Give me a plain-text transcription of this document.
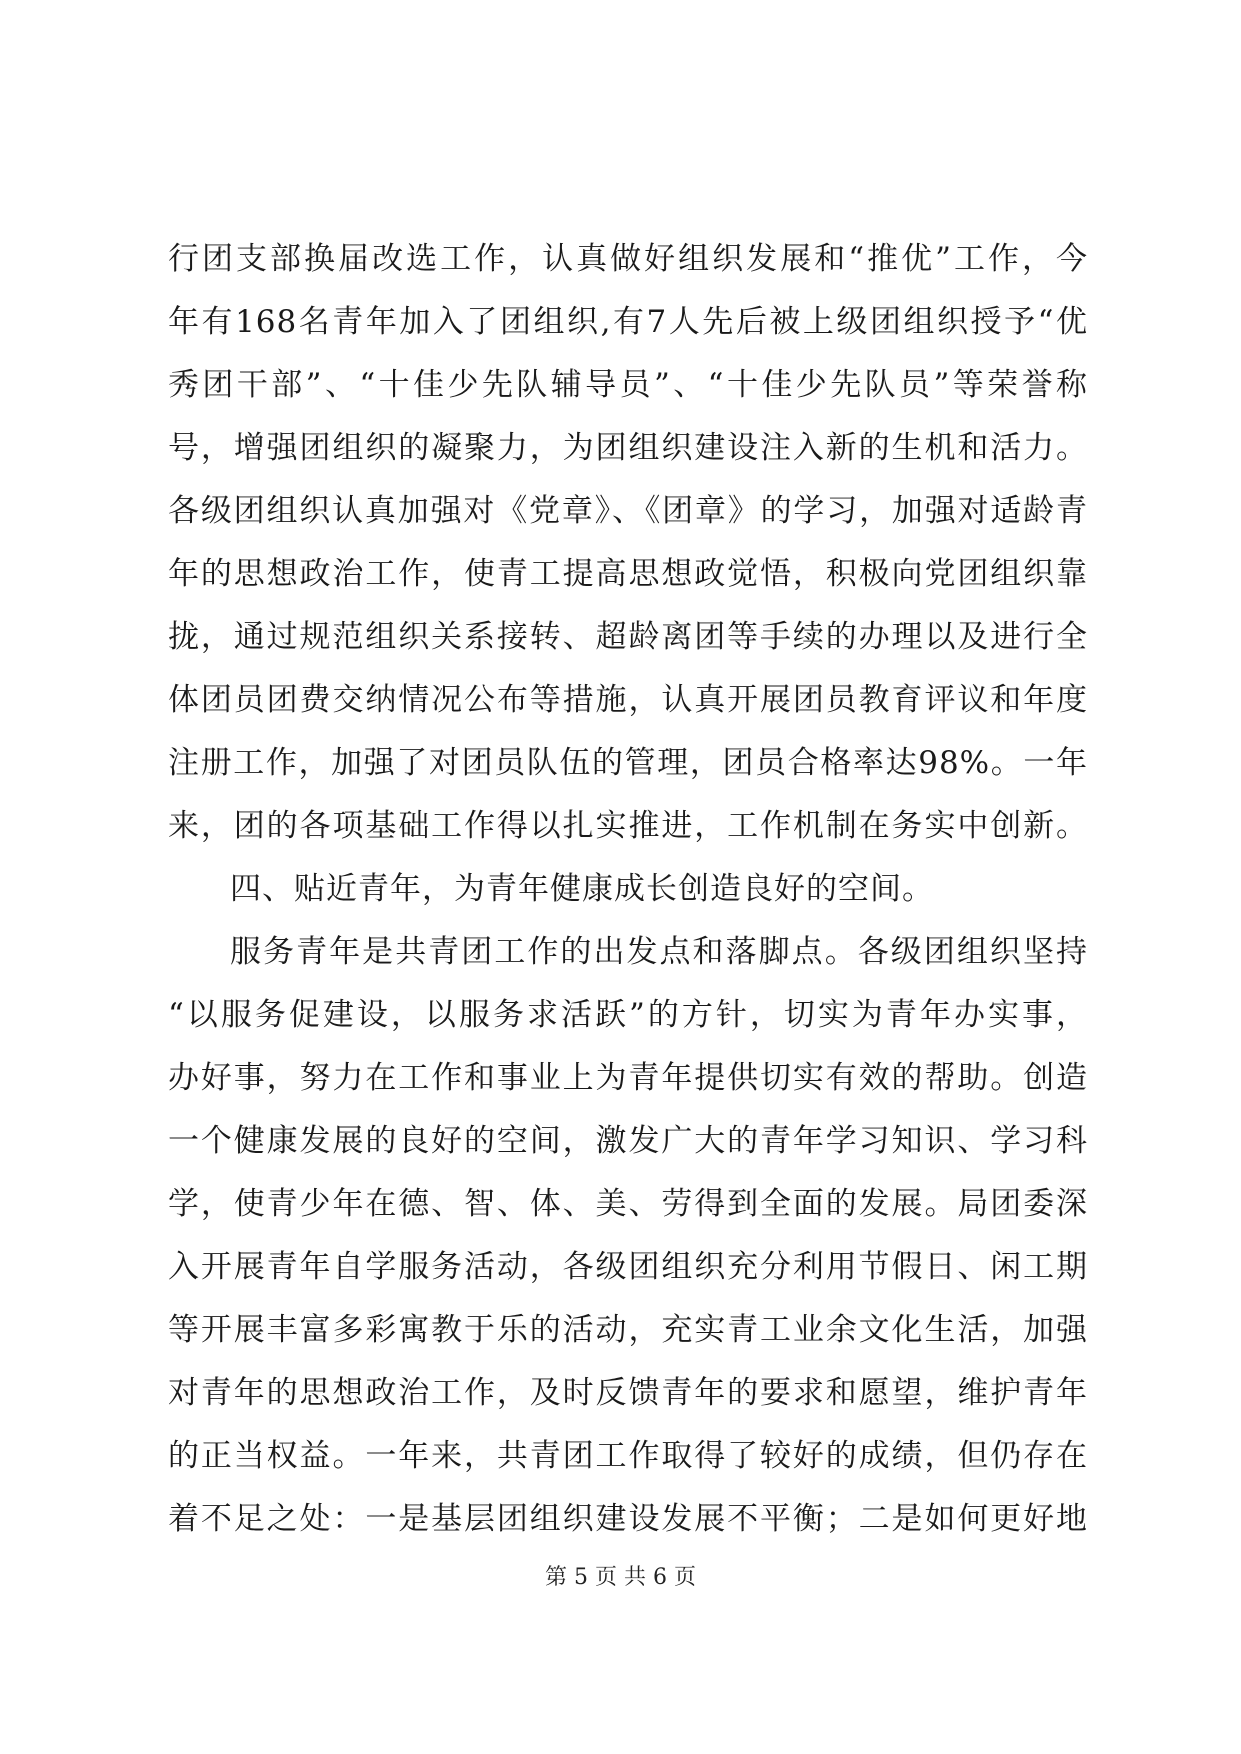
行团支部换届改选工作，认真做好组织发展和“推优”工作，今
年有168名青年加入了团组织,有7人先后被上级团组织授予“优
秀团干部”、“十佳少先队辅导员”、“十佳少先队员”等荣誉称
号，增强团组织的凝聚力，为团组织建设注入新的生机和活力。
各级团组织认真加强对《党章》、《团章》的学习，加强对适龄青
年的思想政治工作，使青工提高思想政觉悟，积极向党团组织靠
拢，通过规范组织关系接转、超龄离团等手续的办理以及进行全
体团员团费交纳情况公布等措施，认真开展团员教育评议和年度
注册工作，加强了对团员队伍的管理，团员合格率达98%。一年
来，团的各项基础工作得以扎实推进，工作机制在务实中创新。
四、贴近青年，为青年健康成长创造良好的空间。
服务青年是共青团工作的出发点和落脚点。各级团组织坚持
“以服务促建设，以服务求活跃”的方针，切实为青年办实事，
办好事，努力在工作和事业上为青年提供切实有效的帮助。创造
一个健康发展的良好的空间，激发广大的青年学习知识、学习科
学，使青少年在德、智、体、美、劳得到全面的发展。局团委深
入开展青年自学服务活动，各级团组织充分利用节假日、闲工期
等开展丰富多彩寓教于乐的活动，充实青工业余文化生活，加强
对青年的思想政治工作，及时反馈青年的要求和愿望，维护青年
的正当权益。一年来，共青团工作取得了较好的成绩，但仍存在
着不足之处：一是基层团组织建设发展不平衡；二是如何更好地
第 5 页 共 6 页
